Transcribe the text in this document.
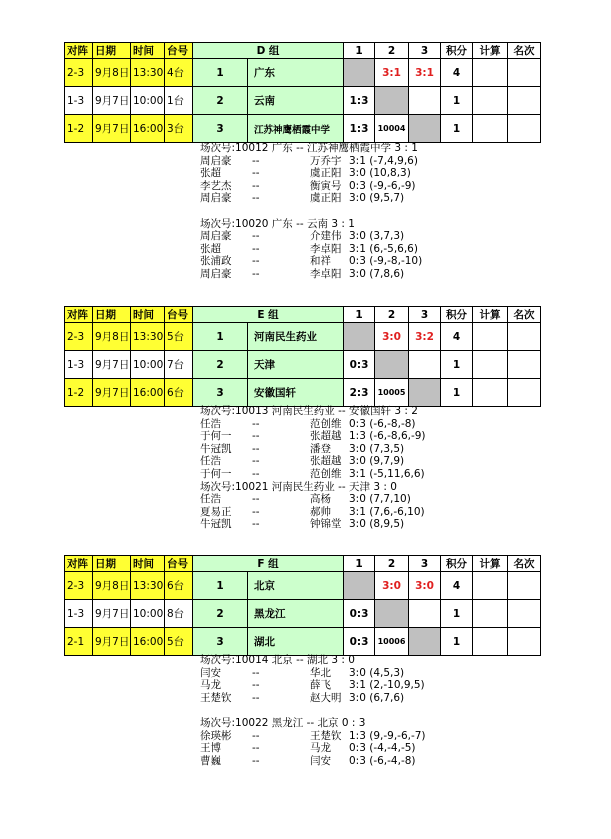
对阵	日期	时间	台号	D 组		1	2	3	积分	计算	名次
2-3	9月8日	13:30	4台	1	广东		3:1	3:1	4		
1-3	9月7日	10:00	1台	2	云南	1:3			1		
1-2	9月7日	16:00	3台	3	江苏神鹰栖霞中学	1:3	10004		1		
场次号:10012 广东 -- 江苏神鹰栖霞中学 3 : 1
周启豪 --	万乔宇 3:1 (-7,4,9,6)
张超	--	虞正阳 3:0 (10,8,3)
李艺杰 --	衡寅号 0:3 (-9,-6,-9)
周启豪 --	虞正阳 3:0 (9,5,7)
场次号:10020 广东 -- 云南 3 : 1
周启豪 --	介建伟 3:0 (3,7,3)
张超	--	李卓阳 3:1 (6,-5,6,6)
张浦政 --	和祥 0:3 (-9,-8,-10)
周启豪 --	李卓阳 3:0 (7,8,6)
对阵	日期	时间	台号	E 组		1	2	3	积分	计算	名次
2-3	9月8日	13:30	5台	1	河南民生药业		3:0	3:2	4		
1-3	9月7日	10:00	7台	2	天津	0:3			1		
1-2	9月7日	16:00	6台	3	安徽国轩	2:3	10005		1		
场次号:10013 河南民生药业 -- 安徽国轩 3 : 2
任浩	--	范创维 0:3 (-6,-8,-8)
于何一 --	张超越 1:3 (-6,-8,6,-9)
牛冠凯 --	潘登 3:0 (7,3,5)
任浩	--	张超越 3:0 (9,7,9)
于何一 --	范创维 3:1 (-5,11,6,6)
场次号:10021 河南民生药业 -- 天津 3 : 0
任浩	--	高杨 3:0 (7,7,10)
夏易正 --	郝帅 3:1 (7,6,-6,10)
牛冠凯 --	钟锦堂 3:0 (8,9,5)
对阵	日期	时间	台号	F 组		1	2	3	积分	计算	名次
2-3	9月8日	13:30	6台	1	北京		3:0	3:0	4		
1-3	9月7日	10:00	8台	2	黑龙江	0:3			1		
2-1	9月7日	16:00	5台	3	湖北	0:3	10006		1		
场次号:10014 北京 -- 湖北 3 : 0
闫安	--	华北 3:0 (4,5,3)
马龙	--	薛飞 3:1 (2,-10,9,5)
王楚钦 --	赵大明 3:0 (6,7,6)
场次号:10022 黑龙江 -- 北京 0 : 3
徐瑛彬 --	王楚钦 1:3 (9,-9,-6,-7)
王博	--	马龙 0:3 (-4,-4,-5)
曹巍	--	闫安 0:3 (-6,-4,-8)
